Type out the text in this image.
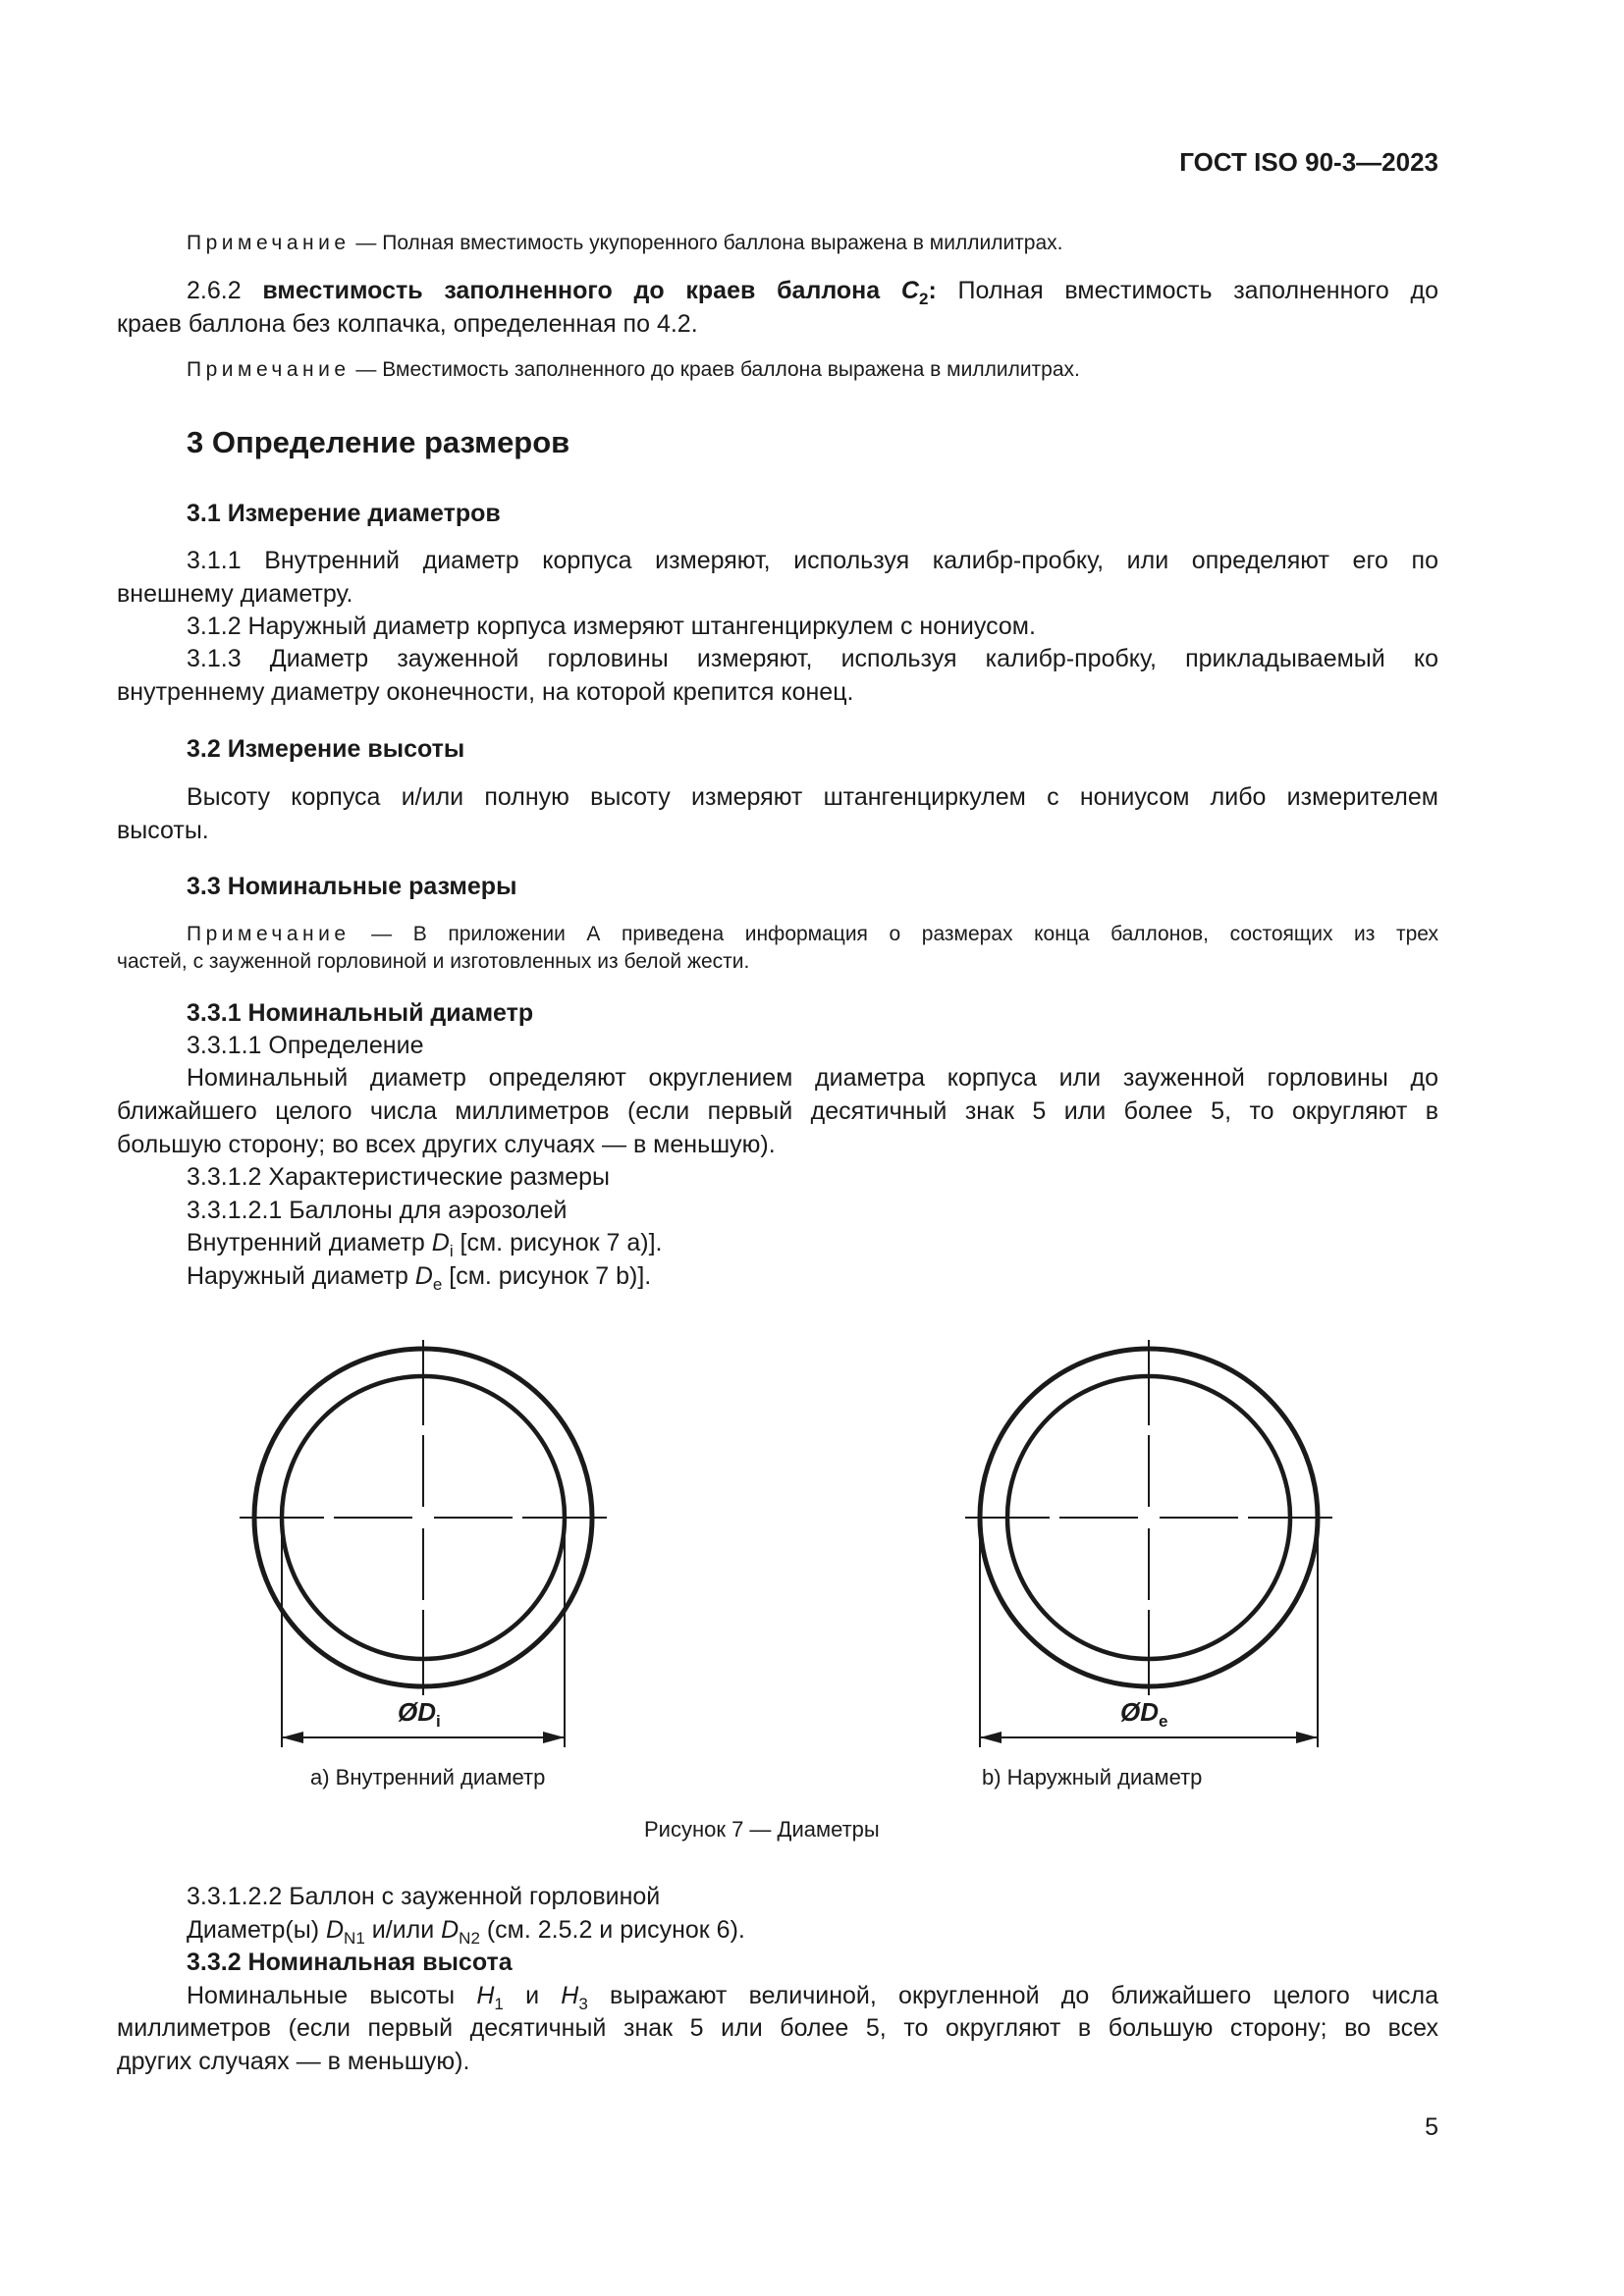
ГОСТ ISO 90-3—2023
Примечание — Полная вместимость укупоренного баллона выражена в миллилитрах.
2.6.2 вместимость заполненного до краев баллона $C_2$: Полная вместимость заполненного до
краев баллона без колпачка, определенная по 4.2.
Примечание — Вместимость заполненного до краев баллона выражена в миллилитрах.
3 Определение размеров
3.1 Измерение диаметров
3.1.1 Внутренний диаметр корпуса измеряют, используя калибр-пробку, или определяют его по
внешнему диаметру.
3.1.2 Наружный диаметр корпуса измеряют штангенциркулем с нониусом.
3.1.3 Диаметр зауженной горловины измеряют, используя калибр-пробку, прикладываемый ко
внутреннему диаметру оконечности, на которой крепится конец.
3.2 Измерение высоты
Высоту корпуса и/или полную высоту измеряют штангенциркулем с нониусом либо измерителем
высоты.
3.3 Номинальные размеры
Примечание — В приложении А приведена информация о размерах конца баллонов, состоящих из трех
частей, с зауженной горловиной и изготовленных из белой жести.
3.3.1 Номинальный диаметр
3.3.1.1 Определение
Номинальный диаметр определяют округлением диаметра корпуса или зауженной горловины до
ближайшего целого числа миллиметров (если первый десятичный знак 5 или более 5, то округляют в
большую сторону; во всех других случаях — в меньшую).
3.3.1.2 Характеристические размеры
3.3.1.2.1 Баллоны для аэрозолей
Внутренний диаметр $D_i$ [см. рисунок 7 a)].
Наружный диаметр $D_e$ [см. рисунок 7 b)].
$ØD_i$	$ØD_e$
a) Внутренний диаметр	b) Наружный диаметр
Рисунок 7 — Диаметры
3.3.1.2.2 Баллон с зауженной горловиной
Диаметр(ы) $D_{N1}$ и/или $D_{N2}$ (см. 2.5.2 и рисунок 6).
3.3.2 Номинальная высота
Номинальные высоты $H_1$ и $H_3$ выражают величиной, округленной до ближайшего целого числа
миллиметров (если первый десятичный знак 5 или более 5, то округляют в большую сторону; во всех
других случаях — в меньшую).
5
